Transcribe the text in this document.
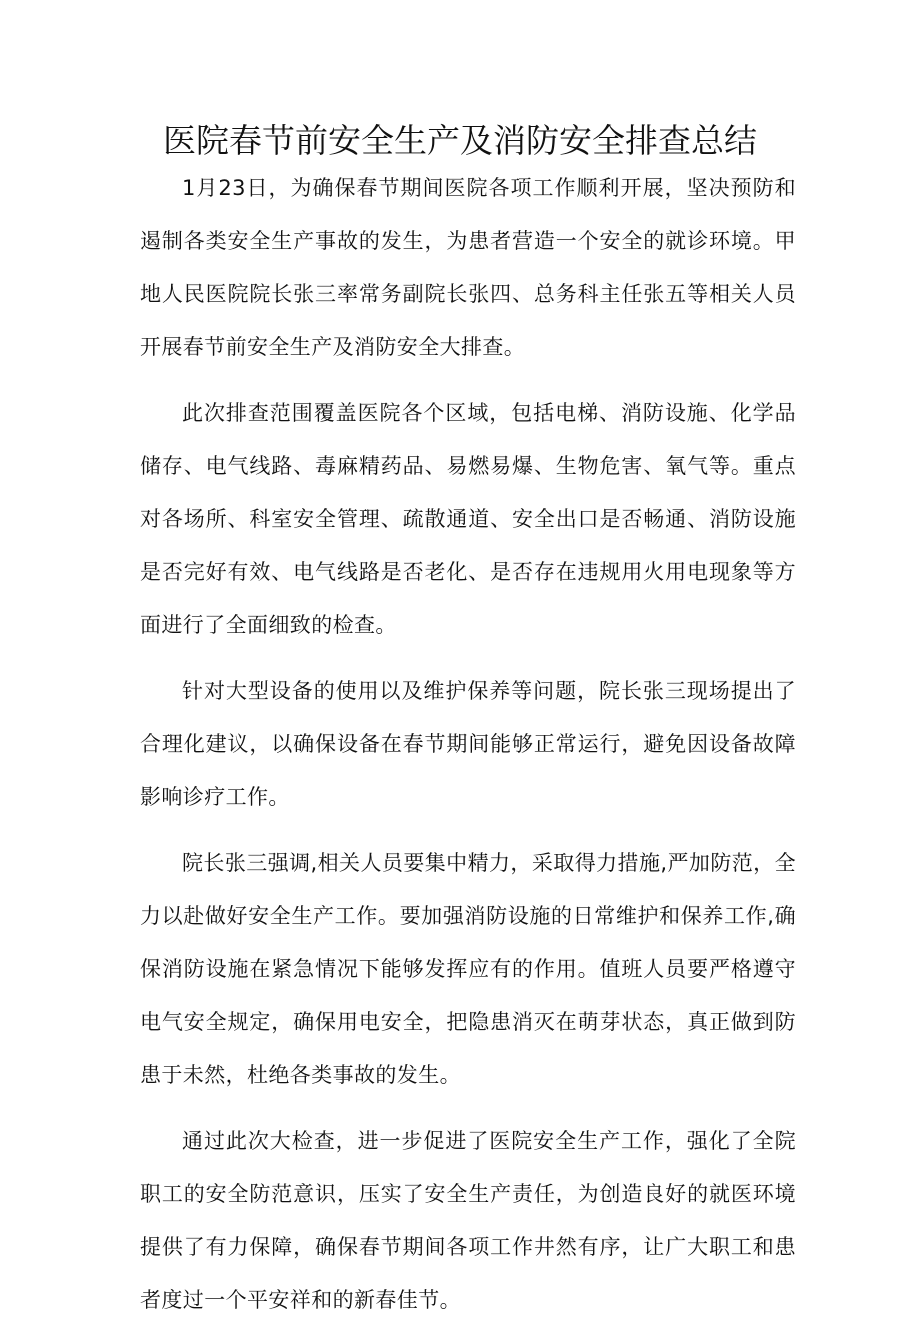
医院春节前安全生产及消防安全排查总结

1月23日，为确保春节期间医院各项工作顺利开展，坚决预防和遏制各类安全生产事故的发生，为患者营造一个安全的就诊环境。甲地人民医院院长张三率常务副院长张四、总务科主任张五等相关人员开展春节前安全生产及消防安全大排查。

此次排查范围覆盖医院各个区域，包括电梯、消防设施、化学品储存、电气线路、毒麻精药品、易燃易爆、生物危害、氧气等。重点对各场所、科室安全管理、疏散通道、安全出口是否畅通、消防设施是否完好有效、电气线路是否老化、是否存在违规用火用电现象等方面进行了全面细致的检查。

针对大型设备的使用以及维护保养等问题，院长张三现场提出了合理化建议，以确保设备在春节期间能够正常运行，避免因设备故障影响诊疗工作。

院长张三强调,相关人员要集中精力，采取得力措施,严加防范，全力以赴做好安全生产工作。要加强消防设施的日常维护和保养工作,确保消防设施在紧急情况下能够发挥应有的作用。值班人员要严格遵守电气安全规定，确保用电安全，把隐患消灭在萌芽状态，真正做到防患于未然，杜绝各类事故的发生。

通过此次大检查，进一步促进了医院安全生产工作，强化了全院职工的安全防范意识，压实了安全生产责任，为创造良好的就医环境提供了有力保障，确保春节期间各项工作井然有序，让广大职工和患者度过一个平安祥和的新春佳节。
